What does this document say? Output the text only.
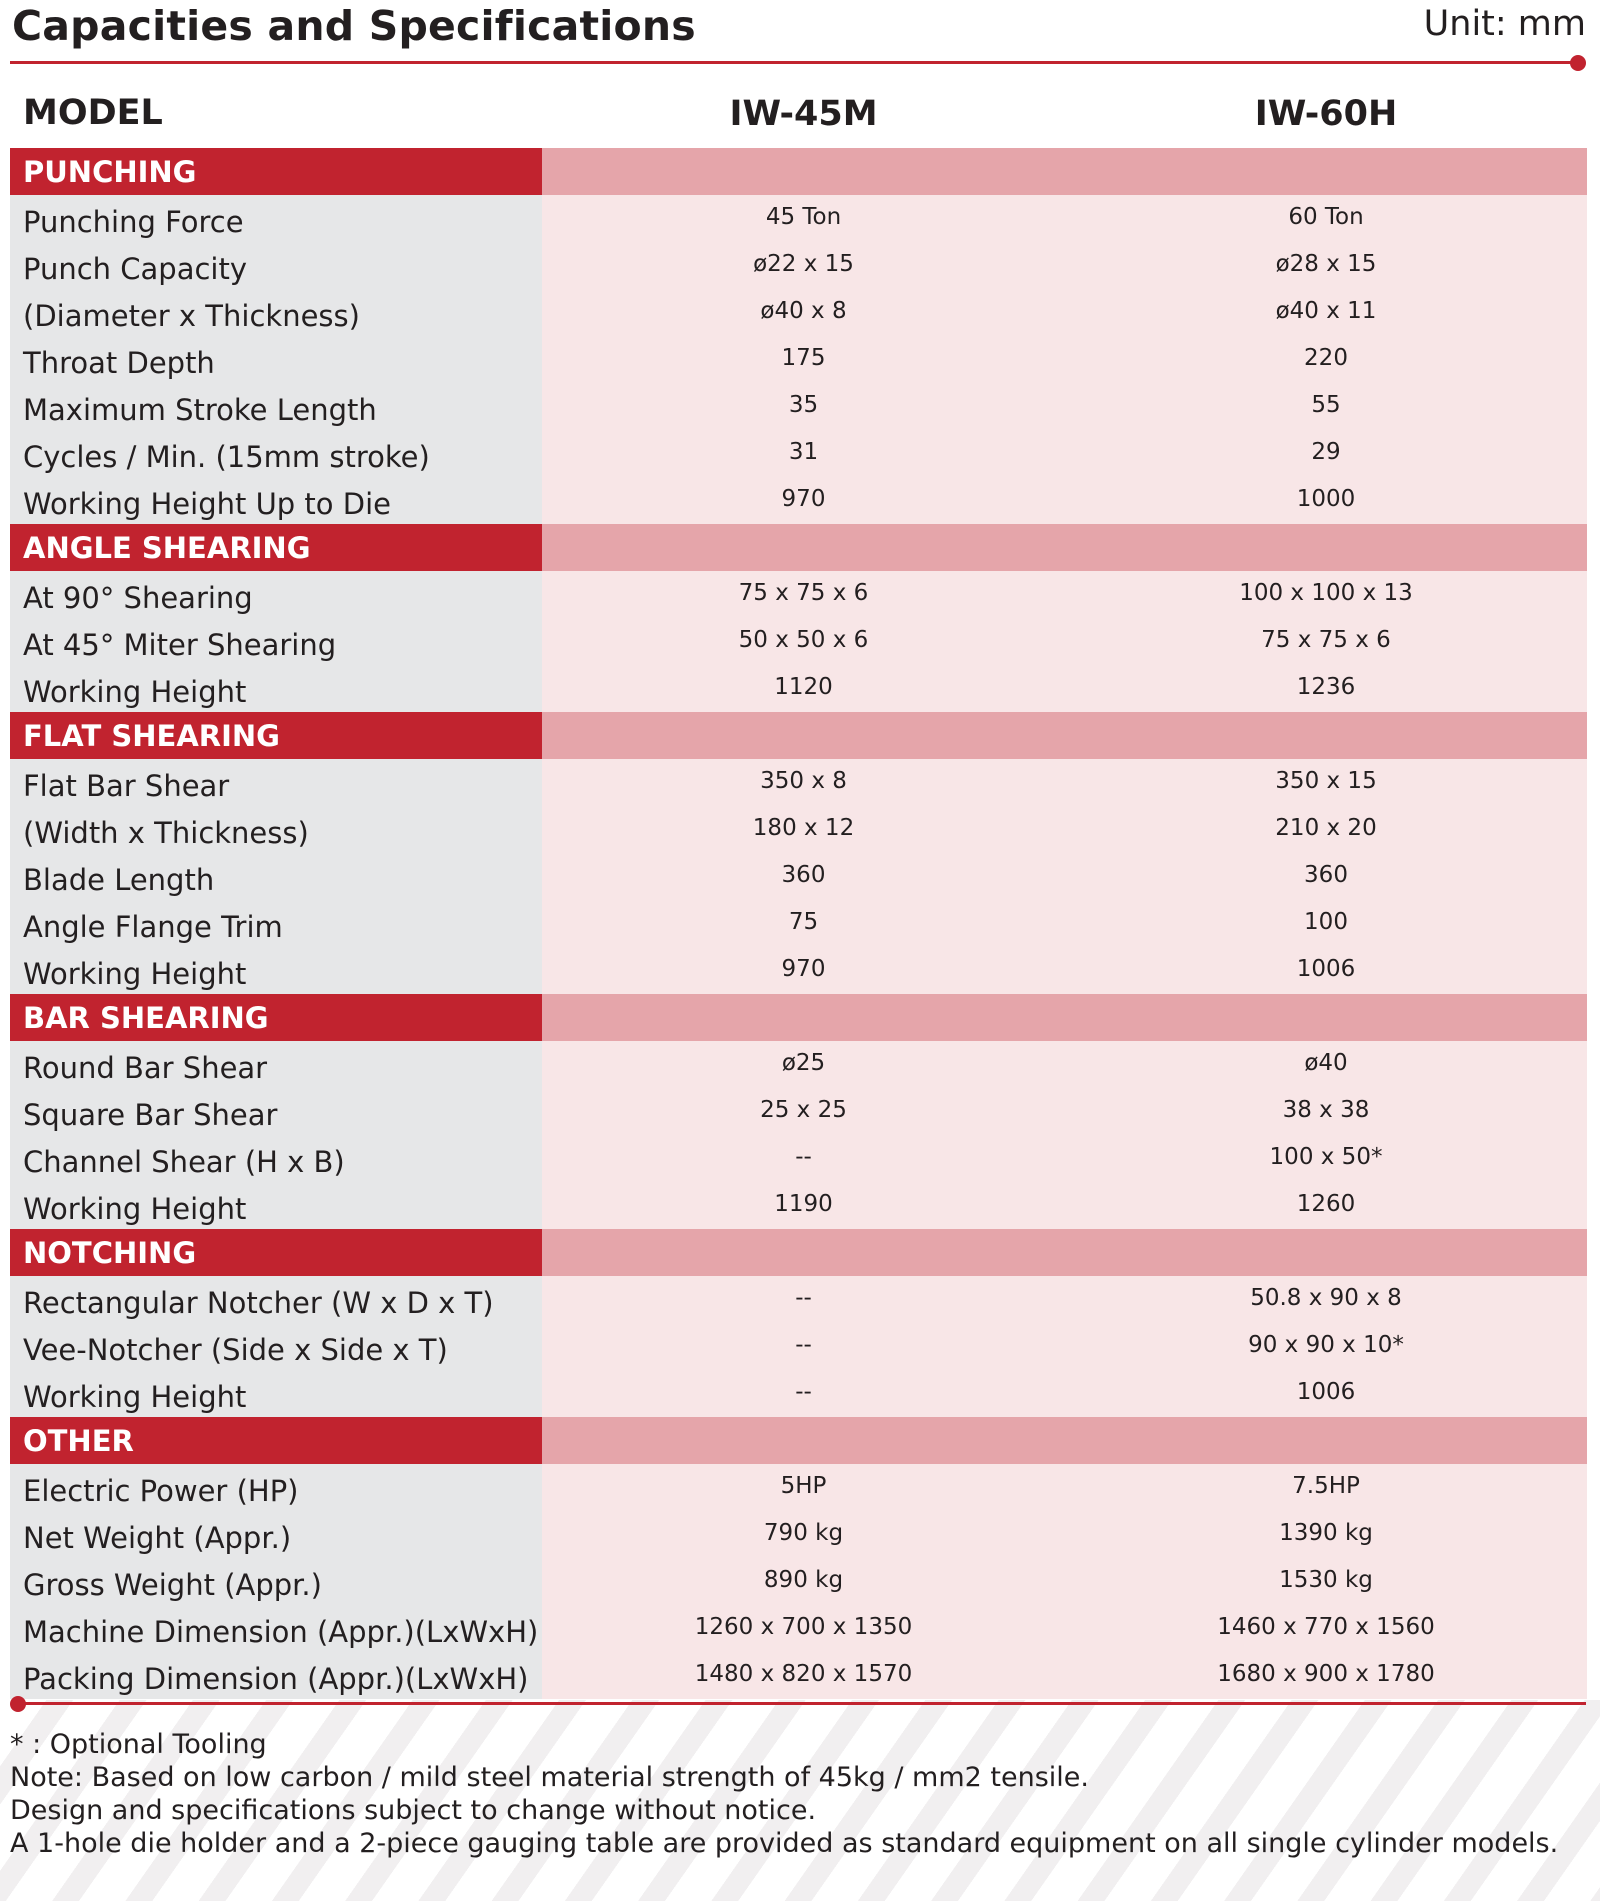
Capacities and Specifications	Unit: mm
MODEL	IW-45M	IW-60H
PUNCHING
Punching Force	45 Ton	60 Ton
Punch Capacity	ø22 x 15	ø28 x 15
(Diameter x Thickness)	ø40 x 8	ø40 x 11
Throat Depth	175	220
Maximum Stroke Length	35	55
Cycles / Min. (15mm stroke)	31	29
Working Height Up to Die	970	1000
ANGLE SHEARING
At 90° Shearing	75 x 75 x 6	100 x 100 x 13
At 45° Miter Shearing	50 x 50 x 6	75 x 75 x 6
Working Height	1120	1236
FLAT SHEARING
Flat Bar Shear	350 x 8	350 x 15
(Width x Thickness)	180 x 12	210 x 20
Blade Length	360	360
Angle Flange Trim	75	100
Working Height	970	1006
BAR SHEARING
Round Bar Shear	ø25	ø40
Square Bar Shear	25 x 25	38 x 38
Channel Shear (H x B)	--	100 x 50*
Working Height	1190	1260
NOTCHING
Rectangular Notcher (W x D x T)	--	50.8 x 90 x 8
Vee-Notcher (Side x Side x T)	--	90 x 90 x 10*
Working Height	--	1006
OTHER
Electric Power (HP)	5HP	7.5HP
Net Weight (Appr.)	790 kg	1390 kg
Gross Weight (Appr.)	890 kg	1530 kg
Machine Dimension (Appr.)(LxWxH)	1260 x 700 x 1350	1460 x 770 x 1560
Packing Dimension (Appr.)(LxWxH)	1480 x 820 x 1570	1680 x 900 x 1780
* : Optional Tooling
Note: Based on low carbon / mild steel material strength of 45kg / mm2 tensile.
Design and specifications subject to change without notice.
A 1-hole die holder and a 2-piece gauging table are provided as standard equipment on all single cylinder models.
